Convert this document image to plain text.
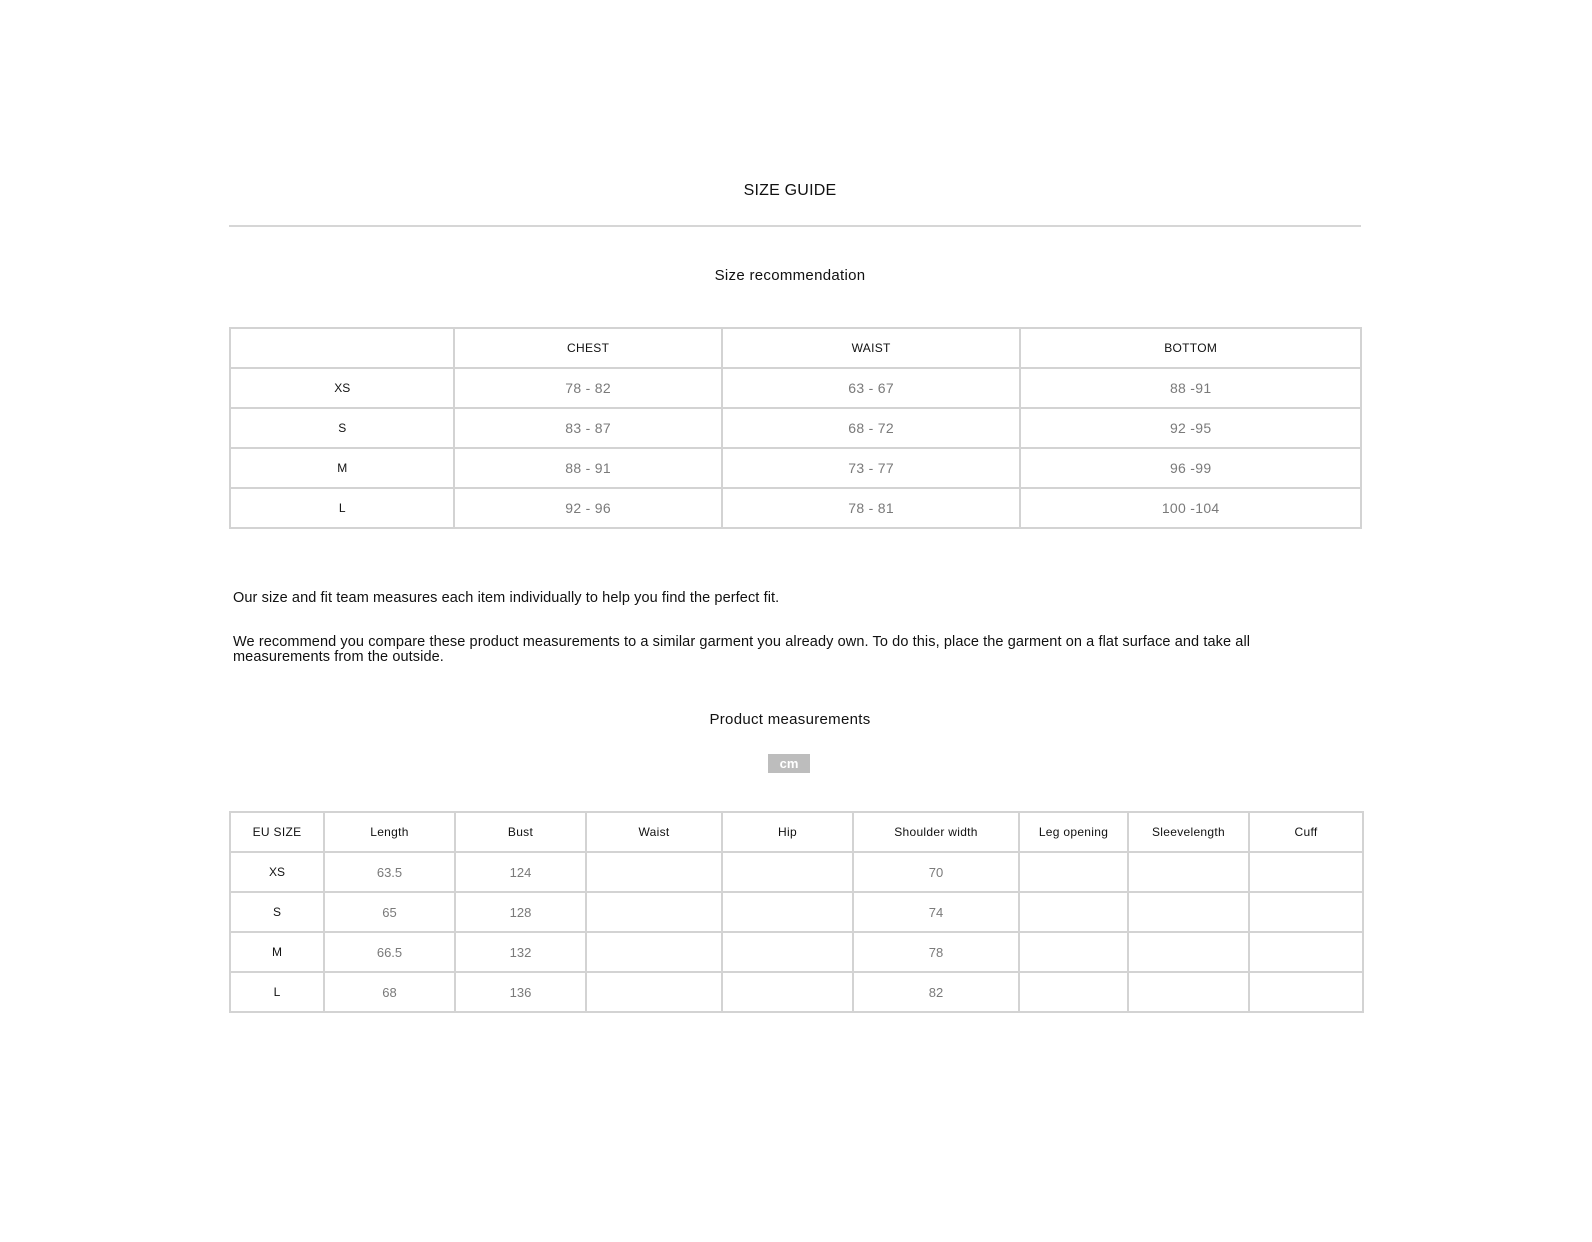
SIZE GUIDE
Size recommendation
	CHEST	WAIST	BOTTOM
XS	78 - 82	63 - 67	88 -91
S	83 - 87	68 - 72	92 -95
M	88 - 91	73 - 77	96 -99
L	92 - 96	78 - 81	100 -104
Our size and fit team measures each item individually to help you find the perfect fit.
We recommend you compare these product measurements to a similar garment you already own. To do this, place the garment on a flat surface and take all measurements from the outside.
Product measurements
cm
EU SIZE	Length	Bust	Waist	Hip	Shoulder width	Leg opening	Sleevelength	Cuff
XS	63.5	124			70			
S	65	128			74			
M	66.5	132			78			
L	68	136			82			
